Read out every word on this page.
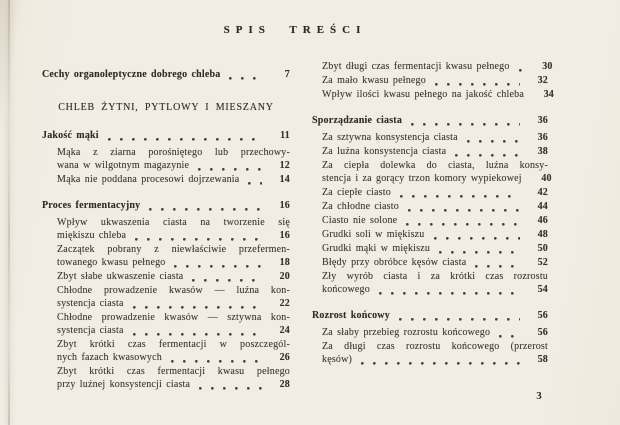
SPIS TREŚCI
Cechy organoleptyczne dobrego chleba	7
CHLEB ŻYTNI, PYTLOWY I MIESZANY
Jakość mąki	11
Mąka z ziarna porośniętego lub przechowy-
wana w wilgotnym magazynie	12
Mąka nie poddana procesowi dojrzewania	14
Proces fermentacyjny	16
Wpływ ukwaszenia ciasta na tworzenie się
miękiszu chleba	16
Zaczątek pobrany z niewłaściwie przefermen-
towanego kwasu pełnego	18
Zbyt słabe ukwaszenie ciasta	20
Chłodne prowadzenie kwasów — luźna kon-
systencja ciasta	22
Chłodne prowadzenie kwasów — sztywna kon-
systencja ciasta	24
Zbyt krótki czas fermentacji w poszczegól-
nych fazach kwasowych	26
Zbyt krótki czas fermentacji kwasu pełnego
przy luźnej konsystencji ciasta	28
Zbyt długi czas fermentacji kwasu pełnego	30
Za mało kwasu pełnego	32
Wpływ ilości kwasu pełnego na jakość chleba	34
Sporządzanie ciasta	36
Za sztywna konsystencja ciasta	36
Za luźna konsystencja ciasta	38
Za ciepła dolewka do ciasta, luźna konsy-
stencja i za gorący trzon komory wypiekowej	40
Za ciepłe ciasto	42
Za chłodne ciasto	44
Ciasto nie solone	46
Grudki soli w miękiszu	48
Grudki mąki w miękiszu	50
Błędy przy obróbce kęsów ciasta	52
Zły wyrób ciasta i za krótki czas rozrostu
końcowego	54
Rozrost końcowy	56
Za słaby przebieg rozrostu końcowego	56
Za długi czas rozrostu końcowego (przerost
kęsów)	58
3
